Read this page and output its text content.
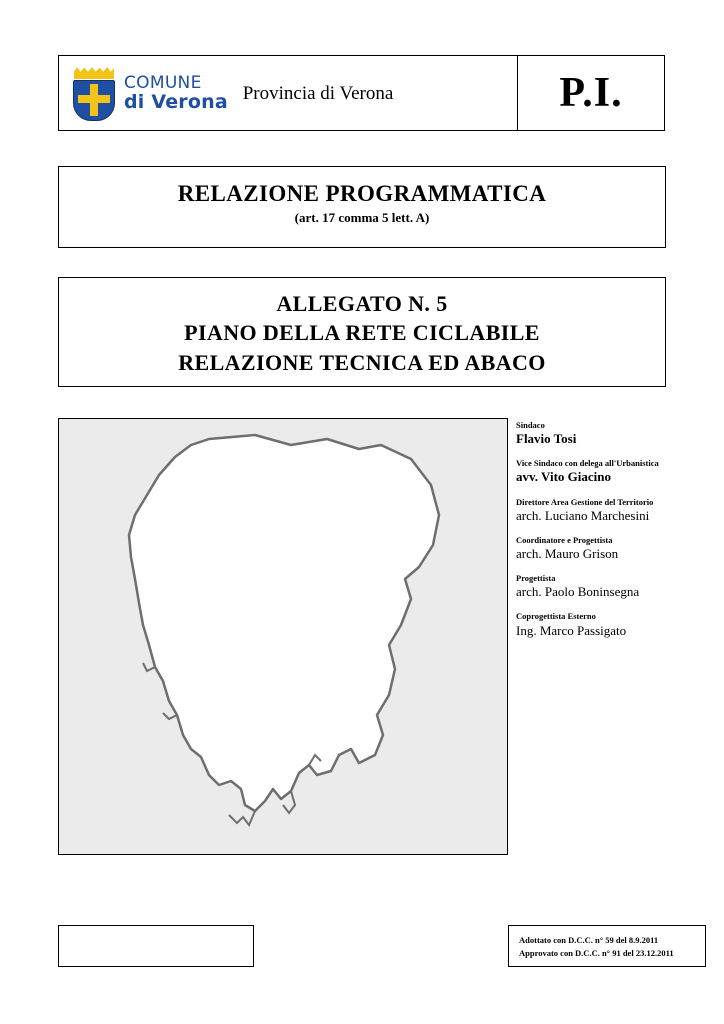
COMUNE
di Verona Provincia di Verona	P.I.
RELAZIONE PROGRAMMATICA
(art. 17 comma 5 lett. A)
ALLEGATO N. 5
PIANO DELLA RETE CICLABILE
RELAZIONE TECNICA ED ABACO
Sindaco
Flavio Tosi
Vice Sindaco con delega all'Urbanistica
avv. Vito Giacino
Direttore Area Gestione del Territorio
arch. Luciano Marchesini
Coordinatore e Progettista
arch. Mauro Grison
Progettista
arch. Paolo Boninsegna
Coprogettista Esterno
Ing. Marco Passigato
Adottato con D.C.C. n° 59 del 8.9.2011
Approvato con D.C.C. n° 91 del 23.12.2011
